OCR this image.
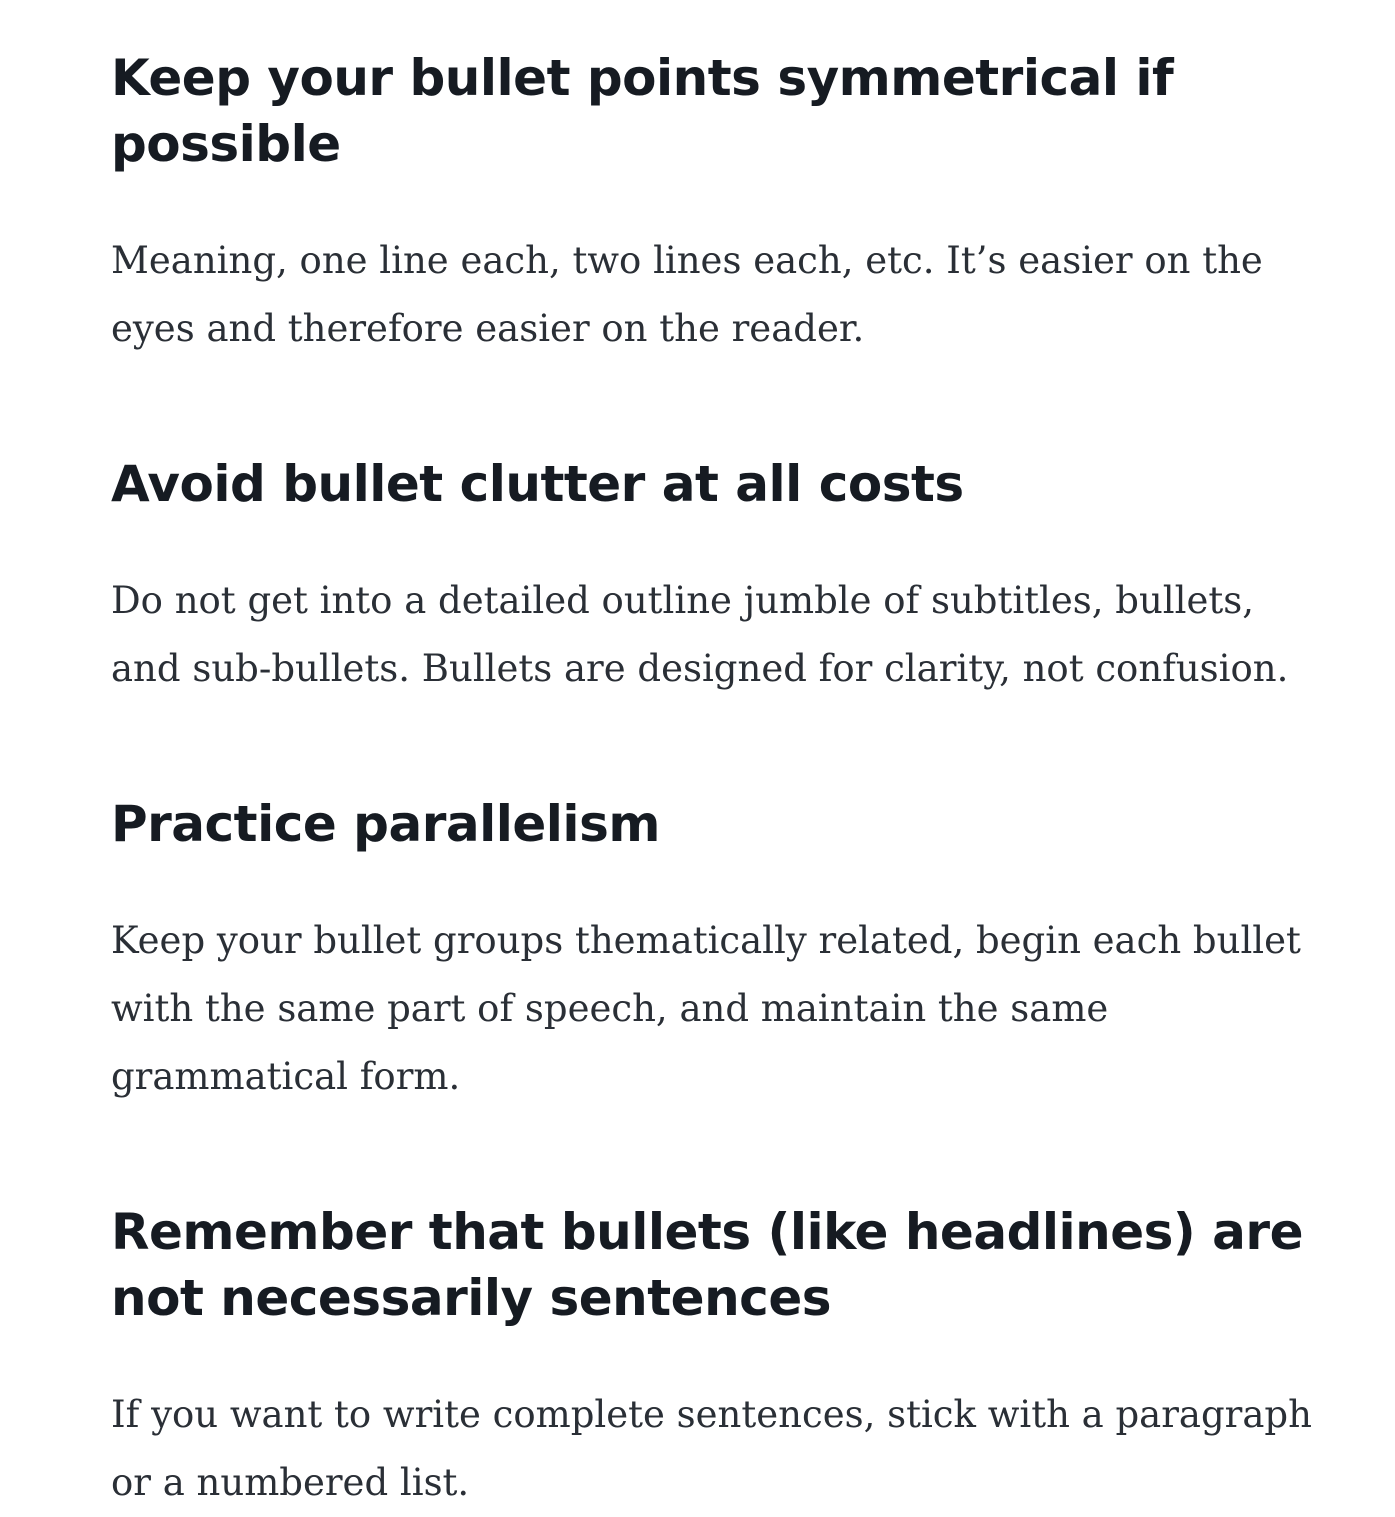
Keep your bullet points symmetrical if possible

Meaning, one line each, two lines each, etc. It’s easier on the eyes and therefore easier on the reader.

Avoid bullet clutter at all costs

Do not get into a detailed outline jumble of subtitles, bullets, and sub-bullets. Bullets are designed for clarity, not confusion.

Practice parallelism

Keep your bullet groups thematically related, begin each bullet with the same part of speech, and maintain the same grammatical form.

Remember that bullets (like headlines) are not necessarily sentences

If you want to write complete sentences, stick with a paragraph or a numbered list.
